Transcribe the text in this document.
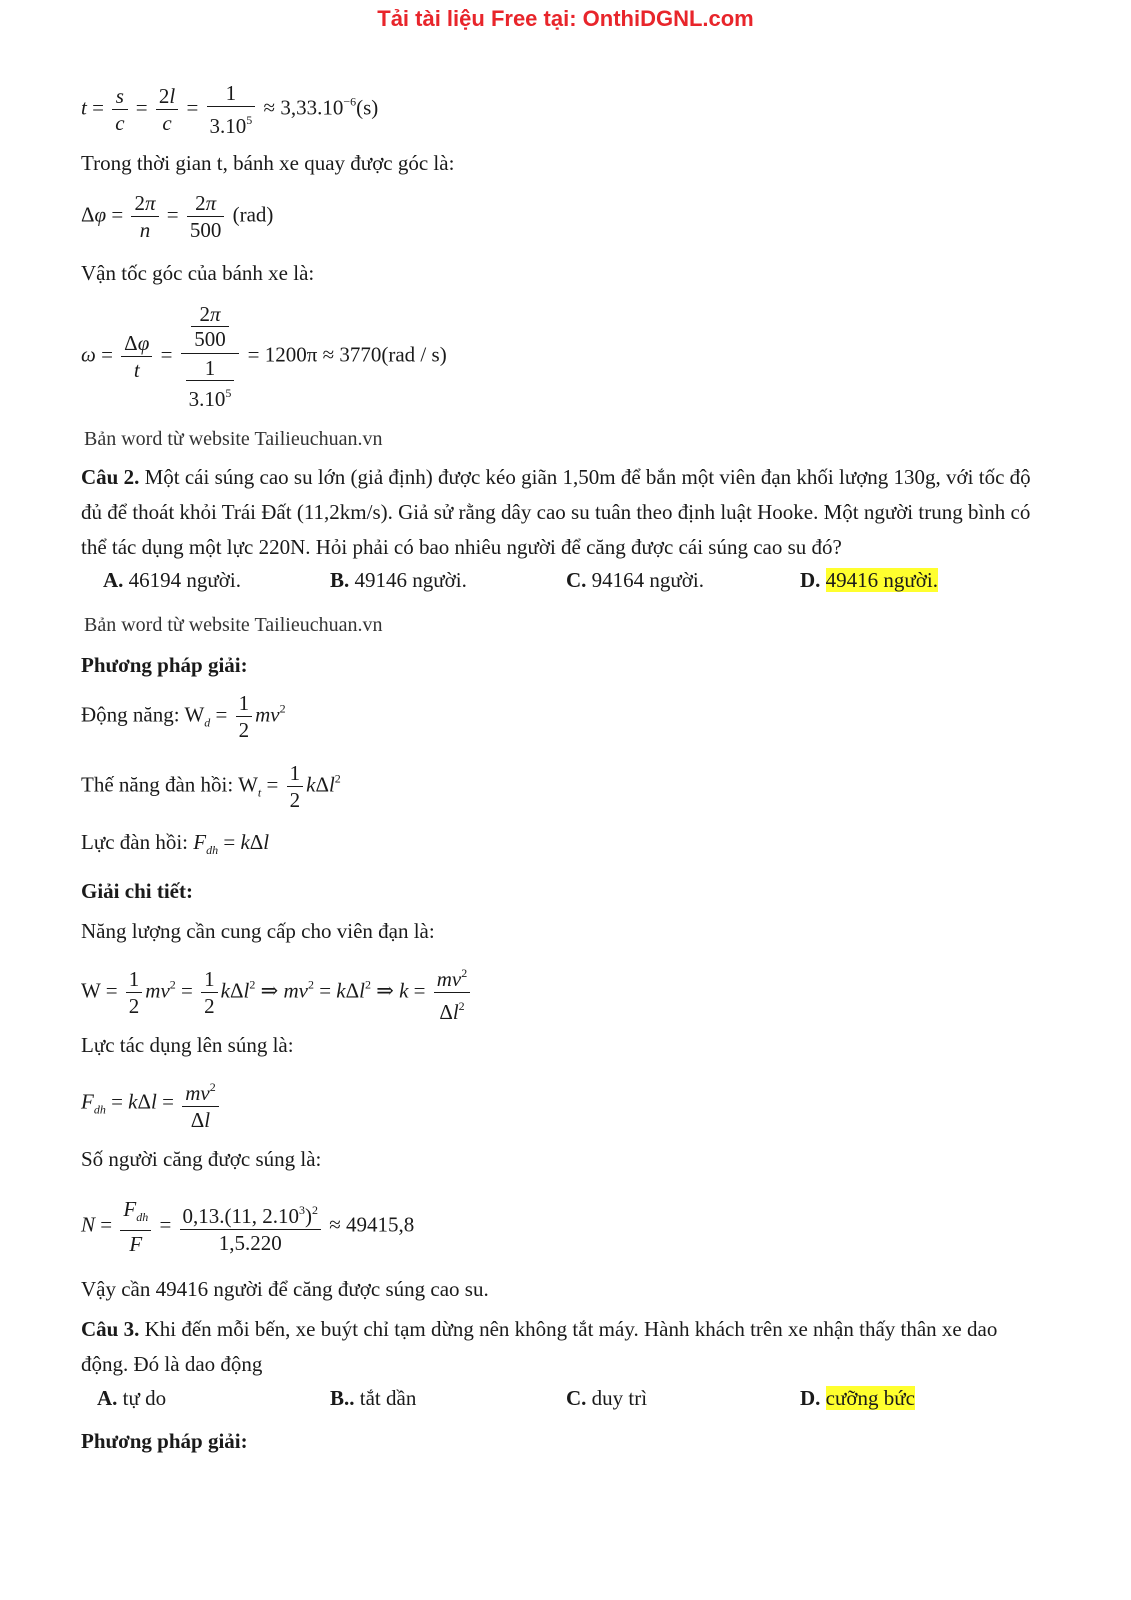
Tải tài liệu Free tại: OnthiDGNL.com
$t = \frac{s}{c} = \frac{2l}{c} = \frac{1}{3.10^5} \approx 3,33.10^{-6}(s)$
Trong thời gian t, bánh xe quay được góc là:
$\Delta\varphi = \frac{2\pi}{n} = \frac{2\pi}{500} (rad)$
Vận tốc góc của bánh xe là:
$\omega = \frac{\Delta\varphi}{t} = \frac{\frac{2\pi}{500}}{\frac{1}{3.10^5}} = 1200\pi \approx 3770(rad / s)$
Bản word từ website Tailieuchuan.vn
Câu 2. Một cái súng cao su lớn (giả định) được kéo giãn 1,50m để bắn một viên đạn khối lượng 130g, với tốc độ đủ để thoát khỏi Trái Đất (11,2km/s). Giả sử rằng dây cao su tuân theo định luật Hooke. Một người trung bình có thể tác dụng một lực 220N. Hỏi phải có bao nhiêu người để căng được cái súng cao su đó?
A. 46194 người.	B. 49146 người.	C. 94164 người.	D. 49416 người.
Bản word từ website Tailieuchuan.vn
Phương pháp giải:
Động năng: $W_d = \frac{1}{2} mv^2$
Thế năng đàn hồi: $W_t = \frac{1}{2} k\Delta l^2$
Lực đàn hồi: $F_{dh} = k\Delta l$
Giải chi tiết:
Năng lượng cần cung cấp cho viên đạn là:
$W = \frac{1}{2} mv^2 = \frac{1}{2} k\Delta l^2$ ⇒ $mv^2 = k\Delta l^2$ ⇒ $k = \frac{mv^2}{\Delta l^2}$
Lực tác dụng lên súng là:
$F_{dh} = k\Delta l = \frac{mv^2}{\Delta l}$
Số người căng được súng là:
$N = \frac{F_{dh}}{F} = \frac{0,13.(11, 2.10^3)^2}{1,5.220} \approx 49415,8$
Vậy cần 49416 người để căng được súng cao su.
Câu 3. Khi đến mỗi bến, xe buýt chỉ tạm dừng nên không tắt máy. Hành khách trên xe nhận thấy thân xe dao động. Đó là dao động
A. tự do	B.. tắt dần	C. duy trì	D. cưỡng bức
Phương pháp giải:
